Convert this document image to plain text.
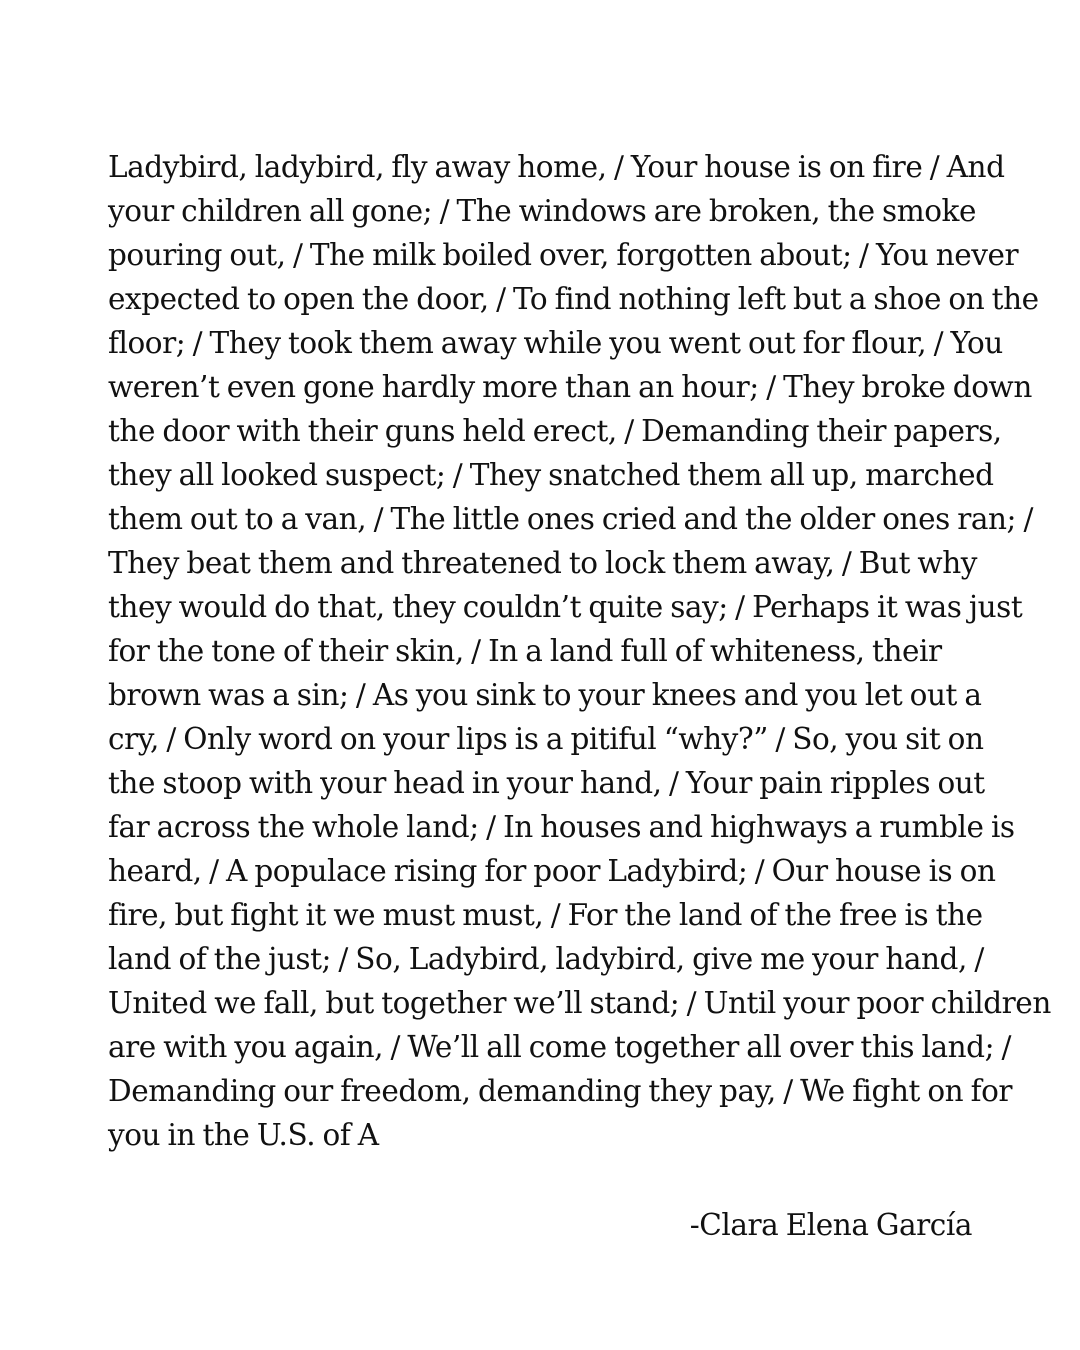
Ladybird, ladybird, fly away home, / Your house is on fire / And
your children all gone; / The windows are broken, the smoke
pouring out, / The milk boiled over, forgotten about; / You never
expected to open the door, / To find nothing left but a shoe on the
floor; / They took them away while you went out for flour, / You
weren’t even gone hardly more than an hour; / They broke down
the door with their guns held erect, / Demanding their papers,
they all looked suspect; / They snatched them all up, marched
them out to a van, / The little ones cried and the older ones ran; /
They beat them and threatened to lock them away, / But why
they would do that, they couldn’t quite say; / Perhaps it was just
for the tone of their skin, / In a land full of whiteness, their
brown was a sin; / As you sink to your knees and you let out a
cry, / Only word on your lips is a pitiful “why?” / So, you sit on
the stoop with your head in your hand, / Your pain ripples out
far across the whole land; / In houses and highways a rumble is
heard, / A populace rising for poor Ladybird; / Our house is on
fire, but fight it we must must, / For the land of the free is the
land of the just; / So, Ladybird, ladybird, give me your hand, /
United we fall, but together we’ll stand; / Until your poor children
are with you again, / We’ll all come together all over this land; /
Demanding our freedom, demanding they pay, / We fight on for
you in the U.S. of A

-Clara Elena García
